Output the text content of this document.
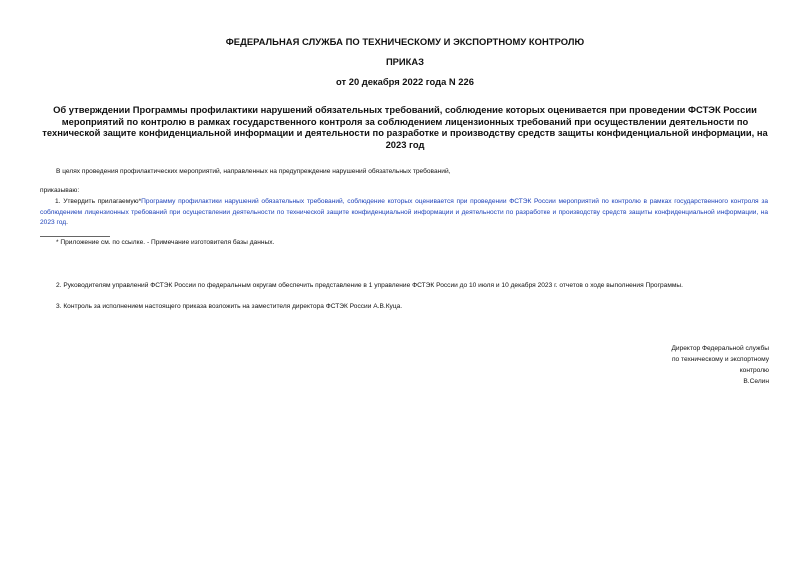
ФЕДЕРАЛЬНАЯ СЛУЖБА ПО ТЕХНИЧЕСКОМУ И ЭКСПОРТНОМУ КОНТРОЛЮ
ПРИКАЗ
от 20 декабря 2022 года N 226
Об утверждении Программы профилактики нарушений обязательных требований, соблюдение которых оценивается при проведении ФСТЭК России мероприятий по контролю в рамках государственного контроля за соблюдением лицензионных требований при осуществлении деятельности по технической защите конфиденциальной информации и деятельности по разработке и производству средств защиты конфиденциальной информации, на 2023 год
В целях проведения профилактических мероприятий, направленных на предупреждение нарушений обязательных требований,
приказываю:
1. Утвердить прилагаемую*Программу профилактики нарушений обязательных требований, соблюдение которых оценивается при проведении ФСТЭК России мероприятий по контролю в рамках государственного контроля за соблюдением лицензионных требований при осуществлении деятельности по технической защите конфиденциальной информации и деятельности по разработке и производству средств защиты конфиденциальной информации, на 2023 год.
* Приложение см. по ссылке. - Примечание изготовителя базы данных.
2. Руководителям управлений ФСТЭК России по федеральным округам обеспечить представление в 1 управление ФСТЭК России до 10 июля и 10 декабря 2023 г. отчетов о ходе выполнения Программы.
3. Контроль за исполнением настоящего приказа возложить на заместителя директора ФСТЭК России А.В.Куца.
Директор Федеральной службы
по техническому и экспортному
контролю
В.Селин
